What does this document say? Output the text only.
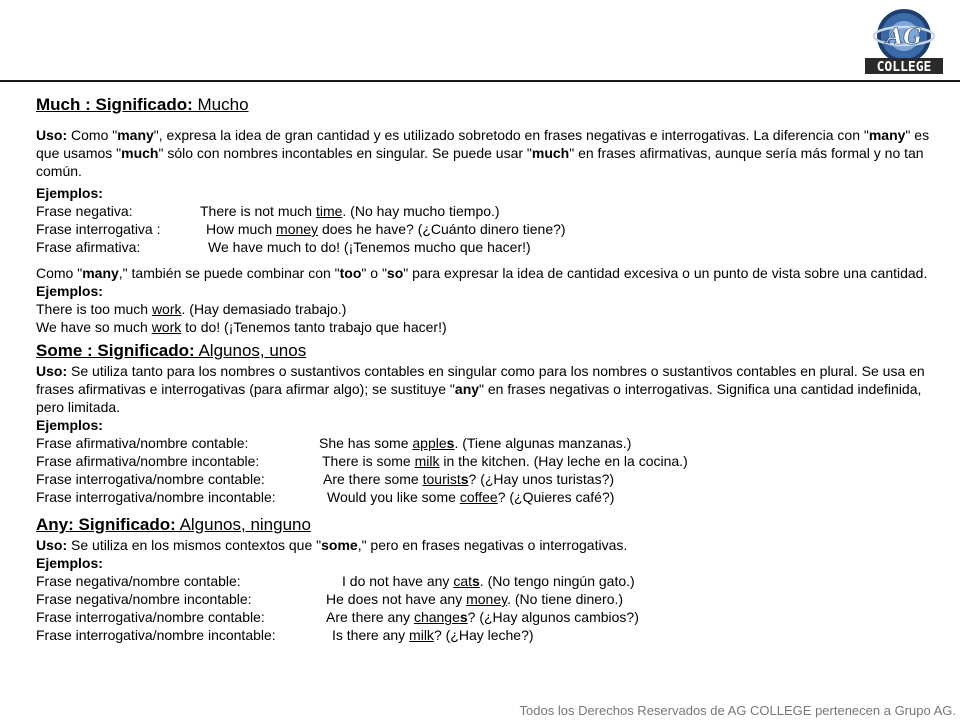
AG
COLLEGE
Much : Significado: Mucho
Uso: Como "many", expresa la idea de gran cantidad y es utilizado sobretodo en frases negativas e interrogativas. La diferencia con "many" es que usamos "much" sólo con nombres incontables en singular. Se puede usar "much" en frases afirmativas, aunque sería más formal y no tan común.
Ejemplos:
Frase negativa:	There is not much time. (No hay mucho tiempo.)
Frase interrogativa :	How much money does he have? (¿Cuánto dinero tiene?)
Frase afirmativa:	We have much to do! (¡Tenemos mucho que hacer!)
Como "many," también se puede combinar con "too" o "so" para expresar la idea de cantidad excesiva o un punto de vista sobre una cantidad.
Ejemplos:
There is too much work. (Hay demasiado trabajo.)
We have so much work to do! (¡Tenemos tanto trabajo que hacer!)
Some : Significado: Algunos, unos
Uso: Se utiliza tanto para los nombres o sustantivos contables en singular como para los nombres o sustantivos contables en plural. Se usa en frases afirmativas e interrogativas (para afirmar algo); se sustituye "any" en frases negativas o interrogativas. Significa una cantidad indefinida, pero limitada.
Ejemplos:
Frase afirmativa/nombre contable:	She has some apples. (Tiene algunas manzanas.)
Frase afirmativa/nombre incontable:	There is some milk in the kitchen. (Hay leche en la cocina.)
Frase interrogativa/nombre contable:	Are there some tourists? (¿Hay unos turistas?)
Frase interrogativa/nombre incontable:	Would you like some coffee? (¿Quieres café?)
Any: Significado: Algunos, ninguno
Uso: Se utiliza en los mismos contextos que "some," pero en frases negativas o interrogativas.
Ejemplos:
Frase negativa/nombre contable:	I do not have any cats. (No tengo ningún gato.)
Frase negativa/nombre incontable:	He does not have any money. (No tiene dinero.)
Frase interrogativa/nombre contable:	Are there any changes? (¿Hay algunos cambios?)
Frase interrogativa/nombre incontable:	Is there any milk? (¿Hay leche?)
Todos los Derechos Reservados de AG COLLEGE pertenecen a Grupo AG.
